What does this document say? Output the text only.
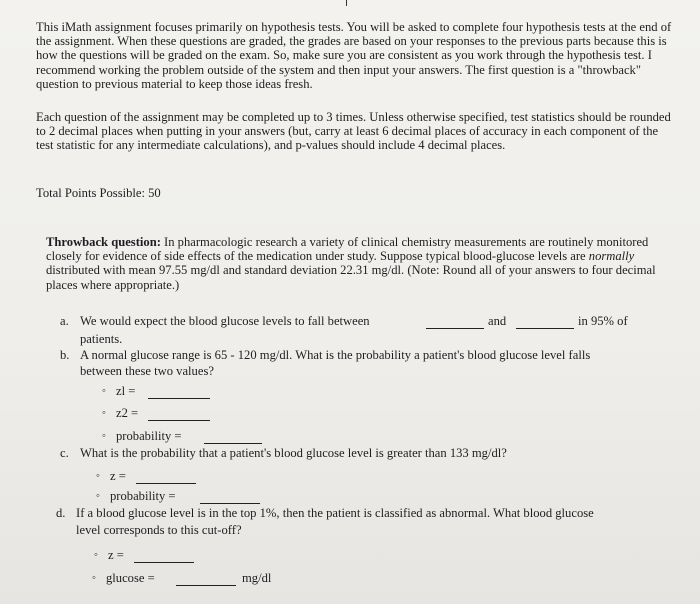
This iMath assignment focuses primarily on hypothesis tests. You will be asked to complete four hypothesis tests at the end of the assignment. When these questions are graded, the grades are based on your responses to the previous parts because this is how the questions will be graded on the exam. So, make sure you are consistent as you work through the hypothesis test. I recommend working the problem outside of the system and then input your answers. The first question is a "throwback" question to previous material to keep those ideas fresh.

Each question of the assignment may be completed up to 3 times. Unless otherwise specified, test statistics should be rounded to 2 decimal places when putting in your answers (but, carry at least 6 decimal places of accuracy in each component of the test statistic for any intermediate calculations), and p-values should include 4 decimal places.

Total Points Possible: 50

Throwback question: In pharmacologic research a variety of clinical chemistry measurements are routinely monitored closely for evidence of side effects of the medication under study. Suppose typical blood-glucose levels are normally distributed with mean 97.55 mg/dl and standard deviation 22.31 mg/dl. (Note: Round all of your answers to four decimal places where appropriate.)

a. We would expect the blood glucose levels to fall between	and	in 95% of
patients.
b. A normal glucose range is 65 - 120 mg/dl. What is the probability a patient's blood glucose level falls
between these two values?
◦ zl =
◦ z2 =
◦ probability =
c. What is the probability that a patient's blood glucose level is greater than 133 mg/dl?
◦ z =
◦ probability =
d. If a blood glucose level is in the top 1%, then the patient is classified as abnormal. What blood glucose
level corresponds to this cut-off?
◦ z =
◦ glucose =	mg/dl
